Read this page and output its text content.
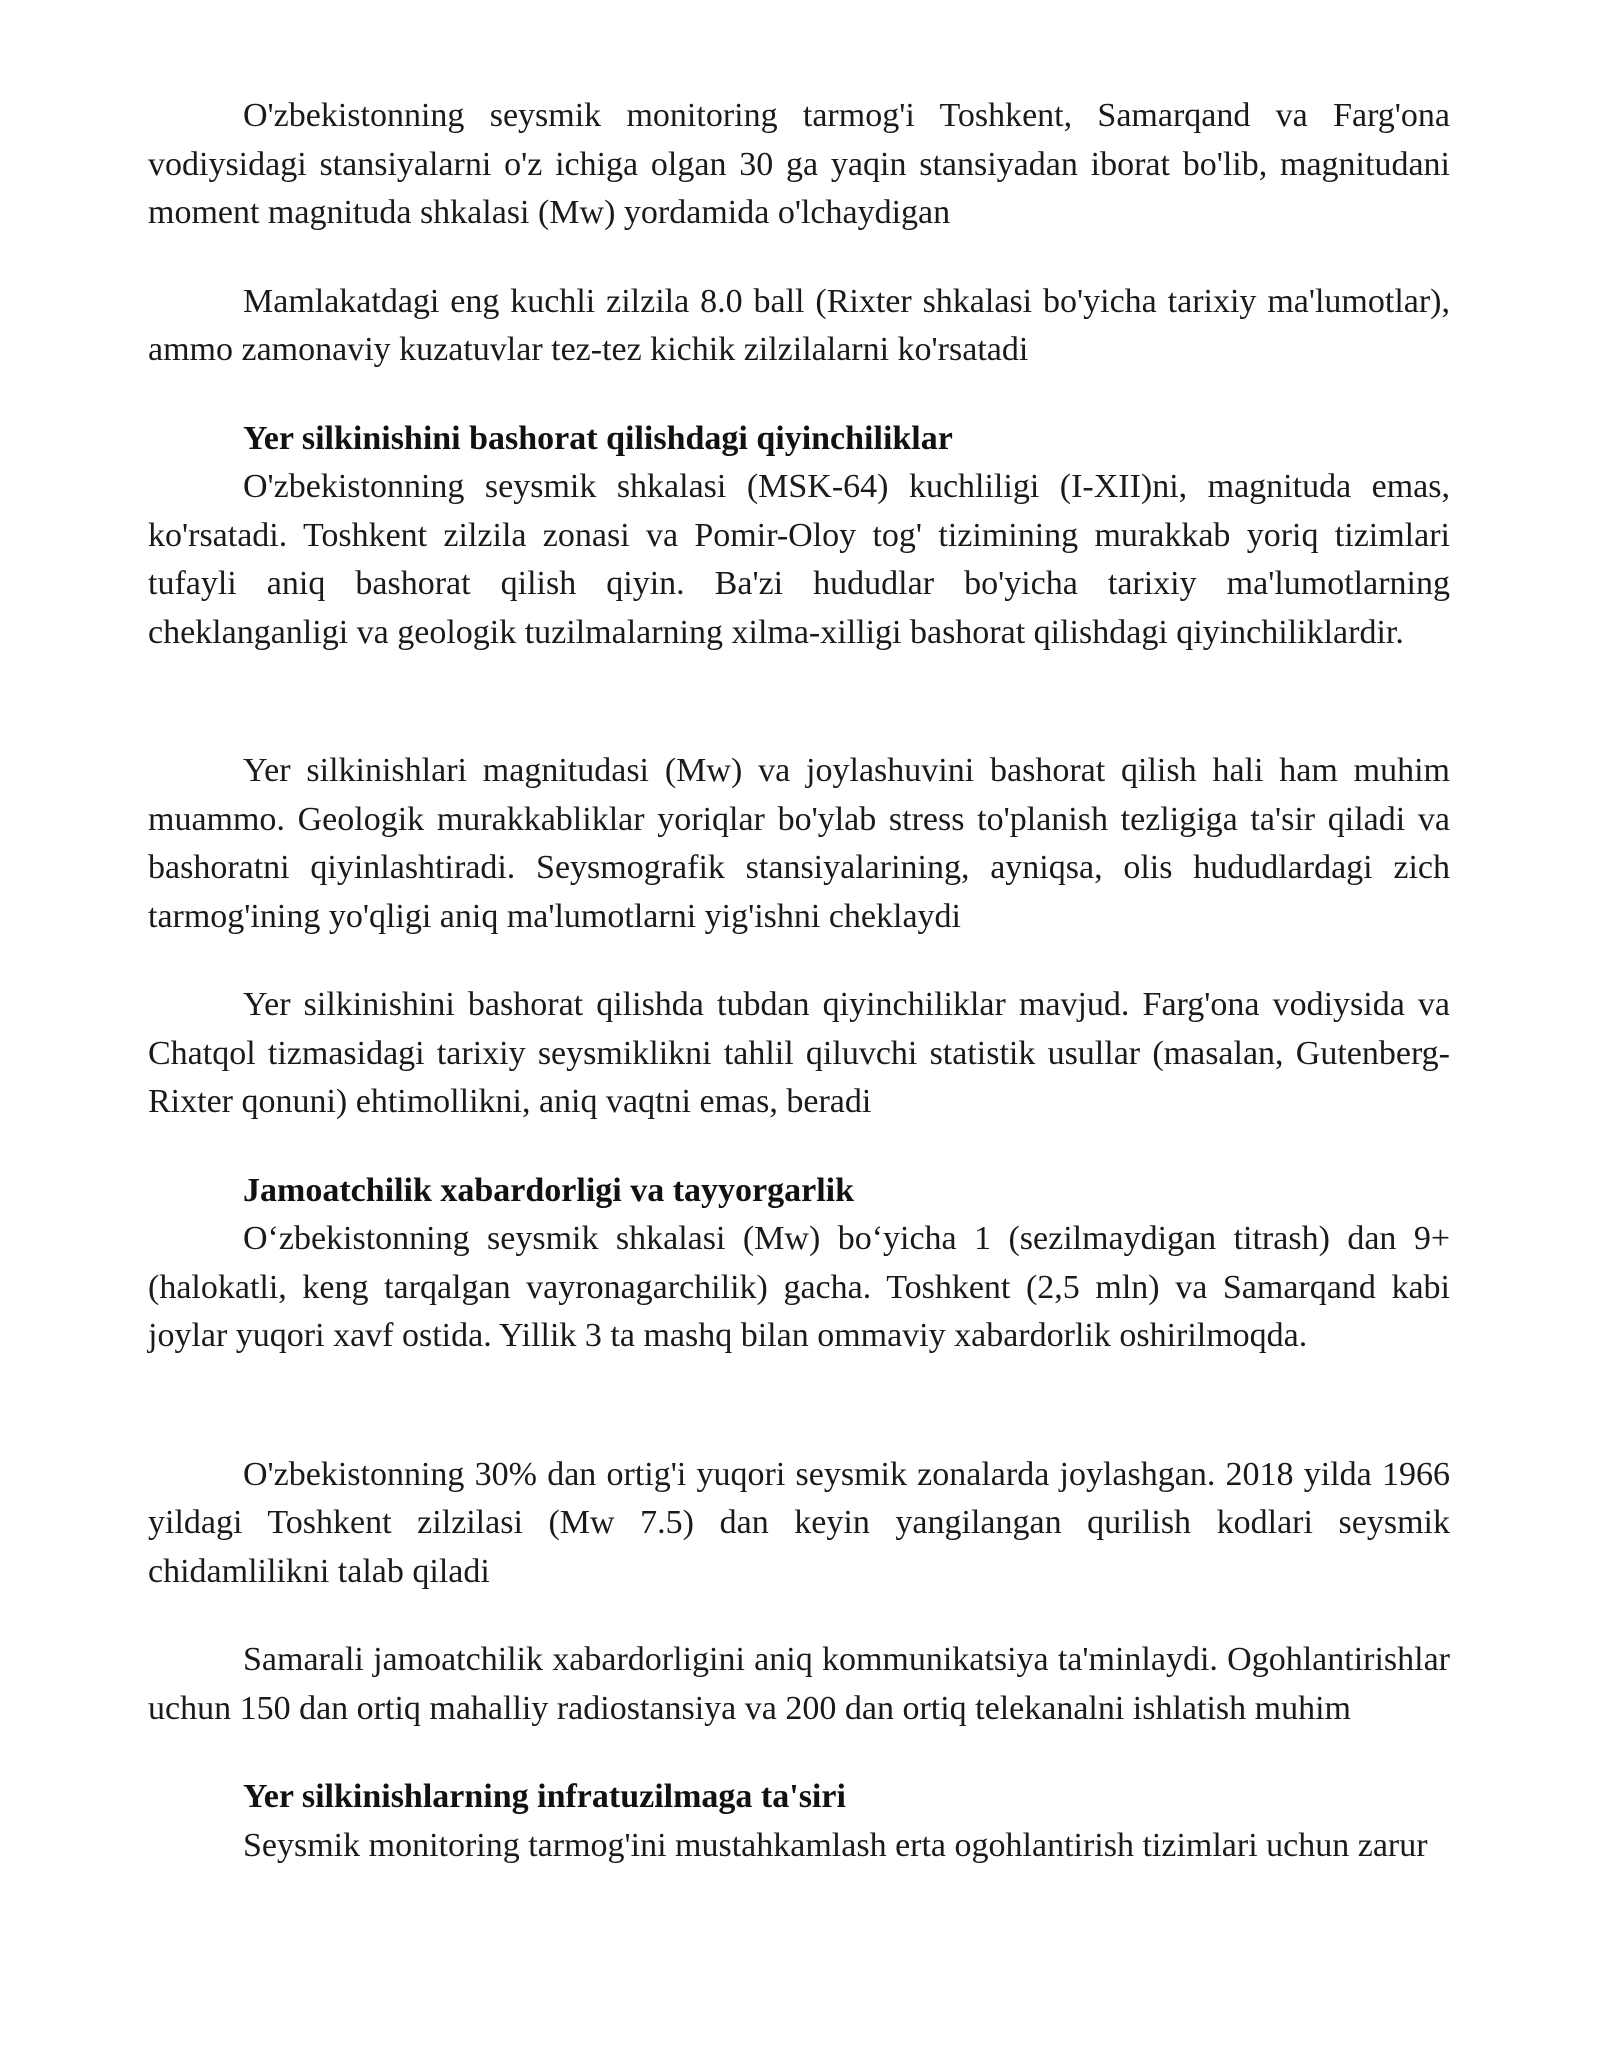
O'zbekistonning seysmik monitoring tarmog'i Toshkent, Samarqand va Farg'ona vodiysidagi stansiyalarni o'z ichiga olgan 30 ga yaqin stansiyadan iborat bo'lib, magnitudani moment magnituda shkalasi (Mw) yordamida o'lchaydigan

Mamlakatdagi eng kuchli zilzila 8.0 ball (Rixter shkalasi bo'yicha tarixiy ma'lumotlar), ammo zamonaviy kuzatuvlar tez-tez kichik zilzilalarni ko'rsatadi

Yer silkinishini bashorat qilishdagi qiyinchiliklar

O'zbekistonning seysmik shkalasi (MSK-64) kuchliligi (I-XII)ni, magnituda emas, ko'rsatadi. Toshkent zilzila zonasi va Pomir-Oloy tog' tizimining murakkab yoriq tizimlari tufayli aniq bashorat qilish qiyin. Ba'zi hududlar bo'yicha tarixiy ma'lumotlarning cheklanganligi va geologik tuzilmalarning xilma-xilligi bashorat qilishdagi qiyinchiliklardir.

Yer silkinishlari magnitudasi (Mw) va joylashuvini bashorat qilish hali ham muhim muammo. Geologik murakkabliklar yoriqlar bo'ylab stress to'planish tezligiga ta'sir qiladi va bashoratni qiyinlashtiradi. Seysmografik stansiyalarining, ayniqsa, olis hududlardagi zich tarmog'ining yo'qligi aniq ma'lumotlarni yig'ishni cheklaydi

Yer silkinishini bashorat qilishda tubdan qiyinchiliklar mavjud. Farg'ona vodiysida va Chatqol tizmasidagi tarixiy seysmiklikni tahlil qiluvchi statistik usullar (masalan, Gutenberg-Rixter qonuni) ehtimollikni, aniq vaqtni emas, beradi

Jamoatchilik xabardorligi va tayyorgarlik

O‘zbekistonning seysmik shkalasi (Mw) bo‘yicha 1 (sezilmaydigan titrash) dan 9+ (halokatli, keng tarqalgan vayronagarchilik) gacha. Toshkent (2,5 mln) va Samarqand kabi joylar yuqori xavf ostida. Yillik 3 ta mashq bilan ommaviy xabardorlik oshirilmoqda.

O'zbekistonning 30% dan ortig'i yuqori seysmik zonalarda joylashgan. 2018 yilda 1966 yildagi Toshkent zilzilasi (Mw 7.5) dan keyin yangilangan qurilish kodlari seysmik chidamlilikni talab qiladi

Samarali jamoatchilik xabardorligini aniq kommunikatsiya ta'minlaydi. Ogohlantirishlar uchun 150 dan ortiq mahalliy radiostansiya va 200 dan ortiq telekanalni ishlatish muhim

Yer silkinishlarning infratuzilmaga ta'siri

Seysmik monitoring tarmog'ini mustahkamlash erta ogohlantirish tizimlari uchun zarur
